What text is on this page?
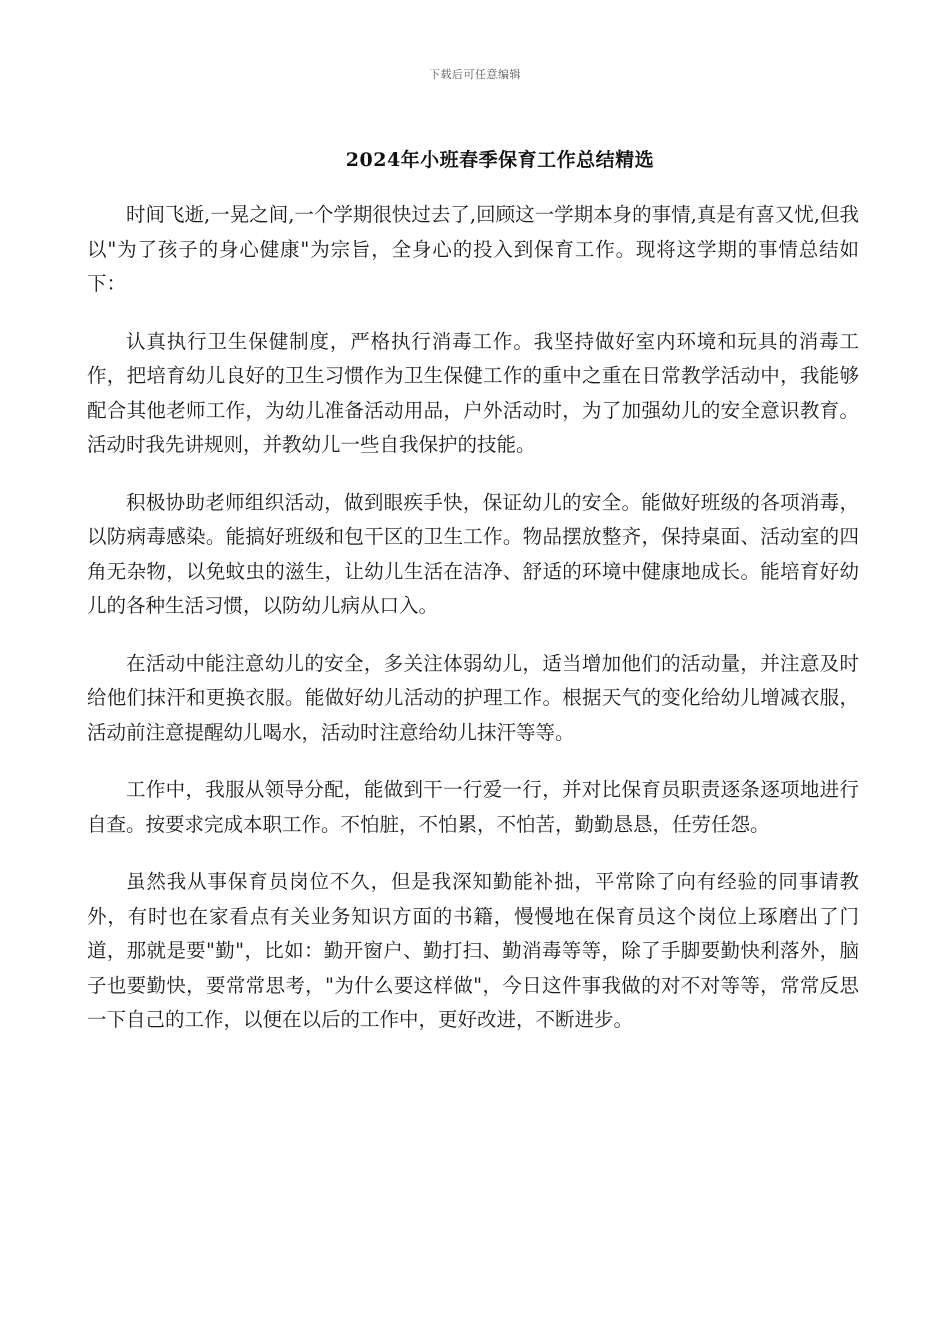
下载后可任意编辑
2024年小班春季保育工作总结精选

时间飞逝,一晃之间,一个学期很快过去了,回顾这一学期本身的事情,真是有喜又忧,但我以"为了孩子的身心健康"为宗旨，全身心的投入到保育工作。现将这学期的事情总结如下：

认真执行卫生保健制度，严格执行消毒工作。我坚持做好室内环境和玩具的消毒工作，把培育幼儿良好的卫生习惯作为卫生保健工作的重中之重在日常教学活动中，我能够配合其他老师工作，为幼儿准备活动用品，户外活动时，为了加强幼儿的安全意识教育。活动时我先讲规则，并教幼儿一些自我保护的技能。

积极协助老师组织活动，做到眼疾手快，保证幼儿的安全。能做好班级的各项消毒，以防病毒感染。能搞好班级和包干区的卫生工作。物品摆放整齐，保持桌面、活动室的四角无杂物，以免蚊虫的滋生，让幼儿生活在洁净、舒适的环境中健康地成长。能培育好幼儿的各种生活习惯，以防幼儿病从口入。

在活动中能注意幼儿的安全，多关注体弱幼儿，适当增加他们的活动量，并注意及时给他们抹汗和更换衣服。能做好幼儿活动的护理工作。根据天气的变化给幼儿增减衣服，活动前注意提醒幼儿喝水，活动时注意给幼儿抹汗等等。

工作中，我服从领导分配，能做到干一行爱一行，并对比保育员职责逐条逐项地进行自查。按要求完成本职工作。不怕脏，不怕累，不怕苦，勤勤恳恳，任劳任怨。

虽然我从事保育员岗位不久，但是我深知勤能补拙，平常除了向有经验的同事请教外，有时也在家看点有关业务知识方面的书籍，慢慢地在保育员这个岗位上琢磨出了门道，那就是要"勤"，比如：勤开窗户、勤打扫、勤消毒等等，除了手脚要勤快利落外，脑子也要勤快，要常常思考，"为什么要这样做"，今日这件事我做的对不对等等，常常反思一下自己的工作，以便在以后的工作中，更好改进，不断进步。
